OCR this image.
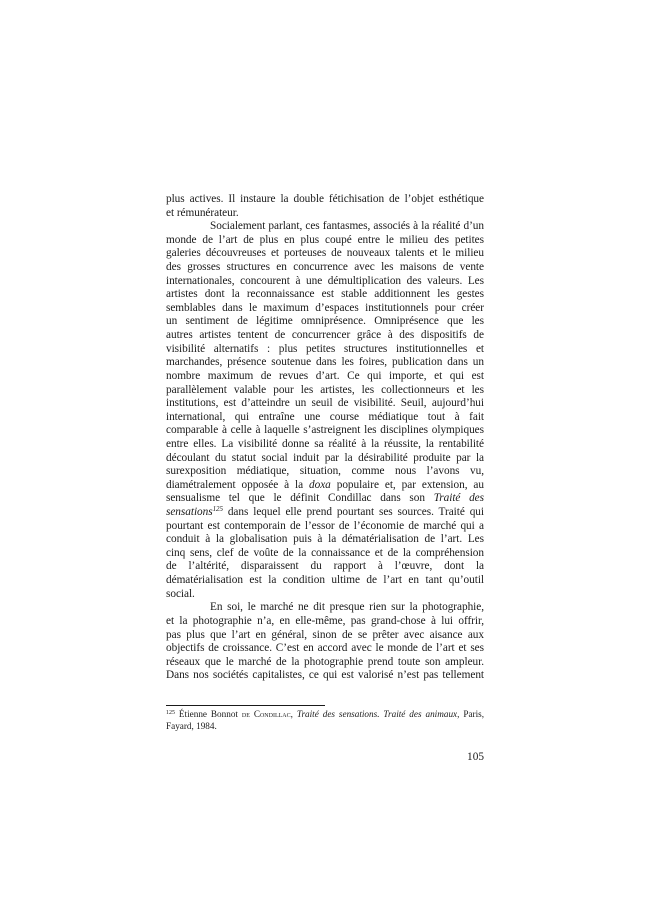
plus actives. Il instaure la double fétichisation de l’objet esthétique
et rémunérateur.
Socialement parlant, ces fantasmes, associés à la réalité d’un
monde de l’art de plus en plus coupé entre le milieu des petites
galeries découvreuses et porteuses de nouveaux talents et le milieu
des grosses structures en concurrence avec les maisons de vente
internationales, concourent à une démultiplication des valeurs. Les
artistes dont la reconnaissance est stable additionnent les gestes
semblables dans le maximum d’espaces institutionnels pour créer
un sentiment de légitime omniprésence. Omniprésence que les
autres artistes tentent de concurrencer grâce à des dispositifs de
visibilité alternatifs : plus petites structures institutionnelles et
marchandes, présence soutenue dans les foires, publication dans un
nombre maximum de revues d’art. Ce qui importe, et qui est
parallèlement valable pour les artistes, les collectionneurs et les
institutions, est d’atteindre un seuil de visibilité. Seuil, aujourd’hui
international, qui entraîne une course médiatique tout à fait
comparable à celle à laquelle s’astreignent les disciplines olympiques
entre elles. La visibilité donne sa réalité à la réussite, la rentabilité
découlant du statut social induit par la désirabilité produite par la
surexposition médiatique, situation, comme nous l’avons vu,
diamétralement opposée à la doxa populaire et, par extension, au
sensualisme tel que le définit Condillac dans son Traité des
sensations$^{125}$ dans lequel elle prend pourtant ses sources. Traité qui
pourtant est contemporain de l’essor de l’économie de marché qui a
conduit à la globalisation puis à la dématérialisation de l’art. Les
cinq sens, clef de voûte de la connaissance et de la compréhension
de l’altérité, disparaissent du rapport à l’œuvre, dont la
dématérialisation est la condition ultime de l’art en tant qu’outil
social.
En soi, le marché ne dit presque rien sur la photographie,
et la photographie n’a, en elle-même, pas grand-chose à lui offrir,
pas plus que l’art en général, sinon de se prêter avec aisance aux
objectifs de croissance. C’est en accord avec le monde de l’art et ses
réseaux que le marché de la photographie prend toute son ampleur.
Dans nos sociétés capitalistes, ce qui est valorisé n’est pas tellement
$^{125}$ Étienne Bonnot de Condillac, Traité des sensations. Traité des animaux, Paris,
Fayard, 1984.
105
